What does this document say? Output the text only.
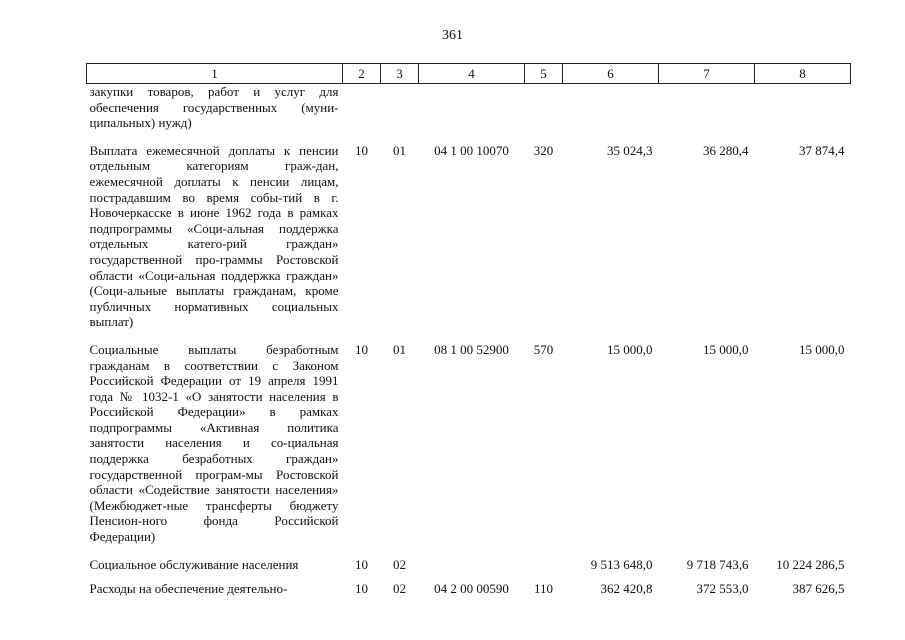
361
1	2	3	4	5	6	7	8
закупки товаров, работ и услуг для обеспечения государственных (муни-ципальных) нужд)							

Выплата ежемесячной доплаты к пенсии отдельным категориям граж-дан, ежемесячной доплаты к пенсии лицам, пострадавшим во время собы-тий в г. Новочеркасске в июне 1962 года в рамках подпрограммы «Соци-альная поддержка отдельных катего-рий граждан» государственной про-граммы Ростовской области «Соци-альная поддержка граждан» (Соци-альные выплаты гражданам, кроме публичных нормативных социальных выплат)	10	01	04 1 00 10070	320	35 024,3	36 280,4	37 874,4

Социальные выплаты безработным гражданам в соответствии с Законом Российской Федерации от 19 апреля 1991 года № 1032-1 «О занятости населения в Российской Федерации» в рамках подпрограммы «Активная политика занятости населения и со-циальная поддержка безработных граждан» государственной програм-мы Ростовской области «Содействие занятости населения» (Межбюджет-ные трансферты бюджету Пенсион-ного фонда Российской Федерации)	10	01	08 1 00 52900	570	15 000,0	15 000,0	15 000,0

Социальное обслуживание населения	10	02			9 513 648,0	9 718 743,6	10 224 286,5

Расходы на обеспечение деятельно-	10	02	04 2 00 00590	110	362 420,8	372 553,0	387 626,5
